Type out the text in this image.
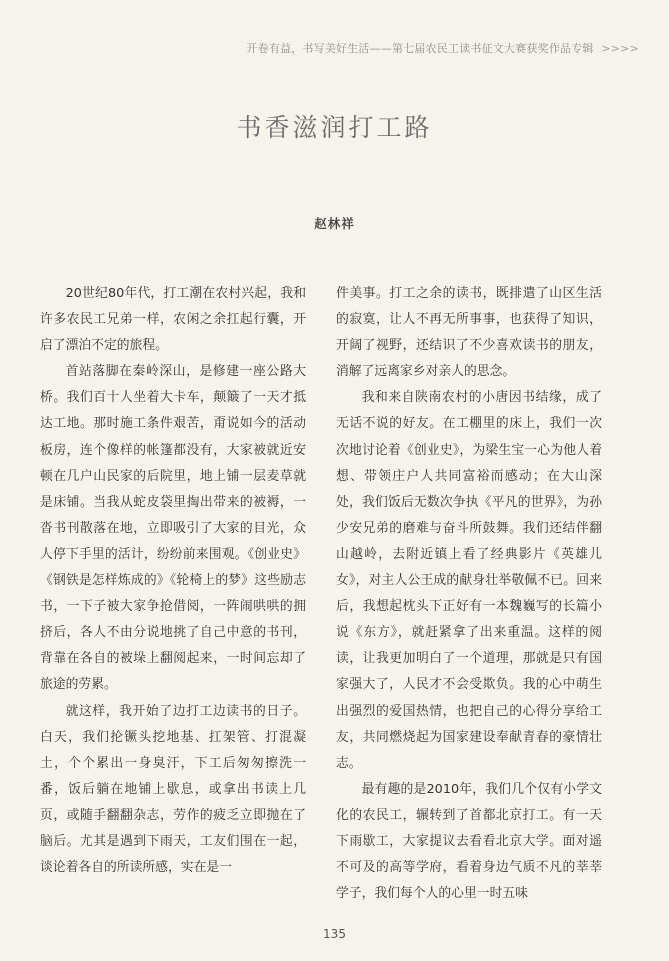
开卷有益，书写美好生活——第七届农民工读书征文大赛获奖作品专辑 >>>>
书香滋润打工路
赵林祥

20世纪80年代，打工潮在农村兴起，我和许多农民工兄弟一样，农闲之余扛起行囊，开启了漂泊不定的旅程。

首站落脚在秦岭深山，是修建一座公路大桥。我们百十人坐着大卡车，颠簸了一天才抵达工地。那时施工条件艰苦，甭说如今的活动板房，连个像样的帐篷都没有，大家被就近安顿在几户山民家的后院里，地上铺一层麦草就是床铺。当我从蛇皮袋里掏出带来的被褥，一沓书刊散落在地，立即吸引了大家的目光，众人停下手里的活计，纷纷前来围观。《创业史》《钢铁是怎样炼成的》《轮椅上的梦》这些励志书，一下子被大家争抢借阅，一阵闹哄哄的拥挤后，各人不由分说地挑了自己中意的书刊，背靠在各自的被垛上翻阅起来，一时间忘却了旅途的劳累。

就这样，我开始了边打工边读书的日子。白天，我们抡镢头挖地基、扛架管、打混凝土，个个累出一身臭汗，下工后匆匆擦洗一番，饭后躺在地铺上歇息，或拿出书读上几页，或随手翻翻杂志，劳作的疲乏立即抛在了脑后。尤其是遇到下雨天，工友们围在一起，谈论着各自的所读所感，实在是一

件美事。打工之余的读书，既排遣了山区生活的寂寞，让人不再无所事事，也获得了知识，开阔了视野，还结识了不少喜欢读书的朋友，消解了远离家乡对亲人的思念。

我和来自陕南农村的小唐因书结缘，成了无话不说的好友。在工棚里的床上，我们一次次地讨论着《创业史》，为梁生宝一心为他人着想、带领庄户人共同富裕而感动；在大山深处，我们饭后无数次争执《平凡的世界》，为孙少安兄弟的磨难与奋斗所鼓舞。我们还结伴翻山越岭，去附近镇上看了经典影片《英雄儿女》，对主人公王成的献身壮举敬佩不已。回来后，我想起枕头下正好有一本魏巍写的长篇小说《东方》，就赶紧拿了出来重温。这样的阅读，让我更加明白了一个道理，那就是只有国家强大了，人民才不会受欺负。我的心中萌生出强烈的爱国热情，也把自己的心得分享给工友，共同燃烧起为国家建设奉献青春的豪情壮志。

最有趣的是2010年，我们几个仅有小学文化的农民工，辗转到了首都北京打工。有一天下雨歇工，大家提议去看看北京大学。面对遥不可及的高等学府，看着身边气质不凡的莘莘学子，我们每个人的心里一时五味

135
